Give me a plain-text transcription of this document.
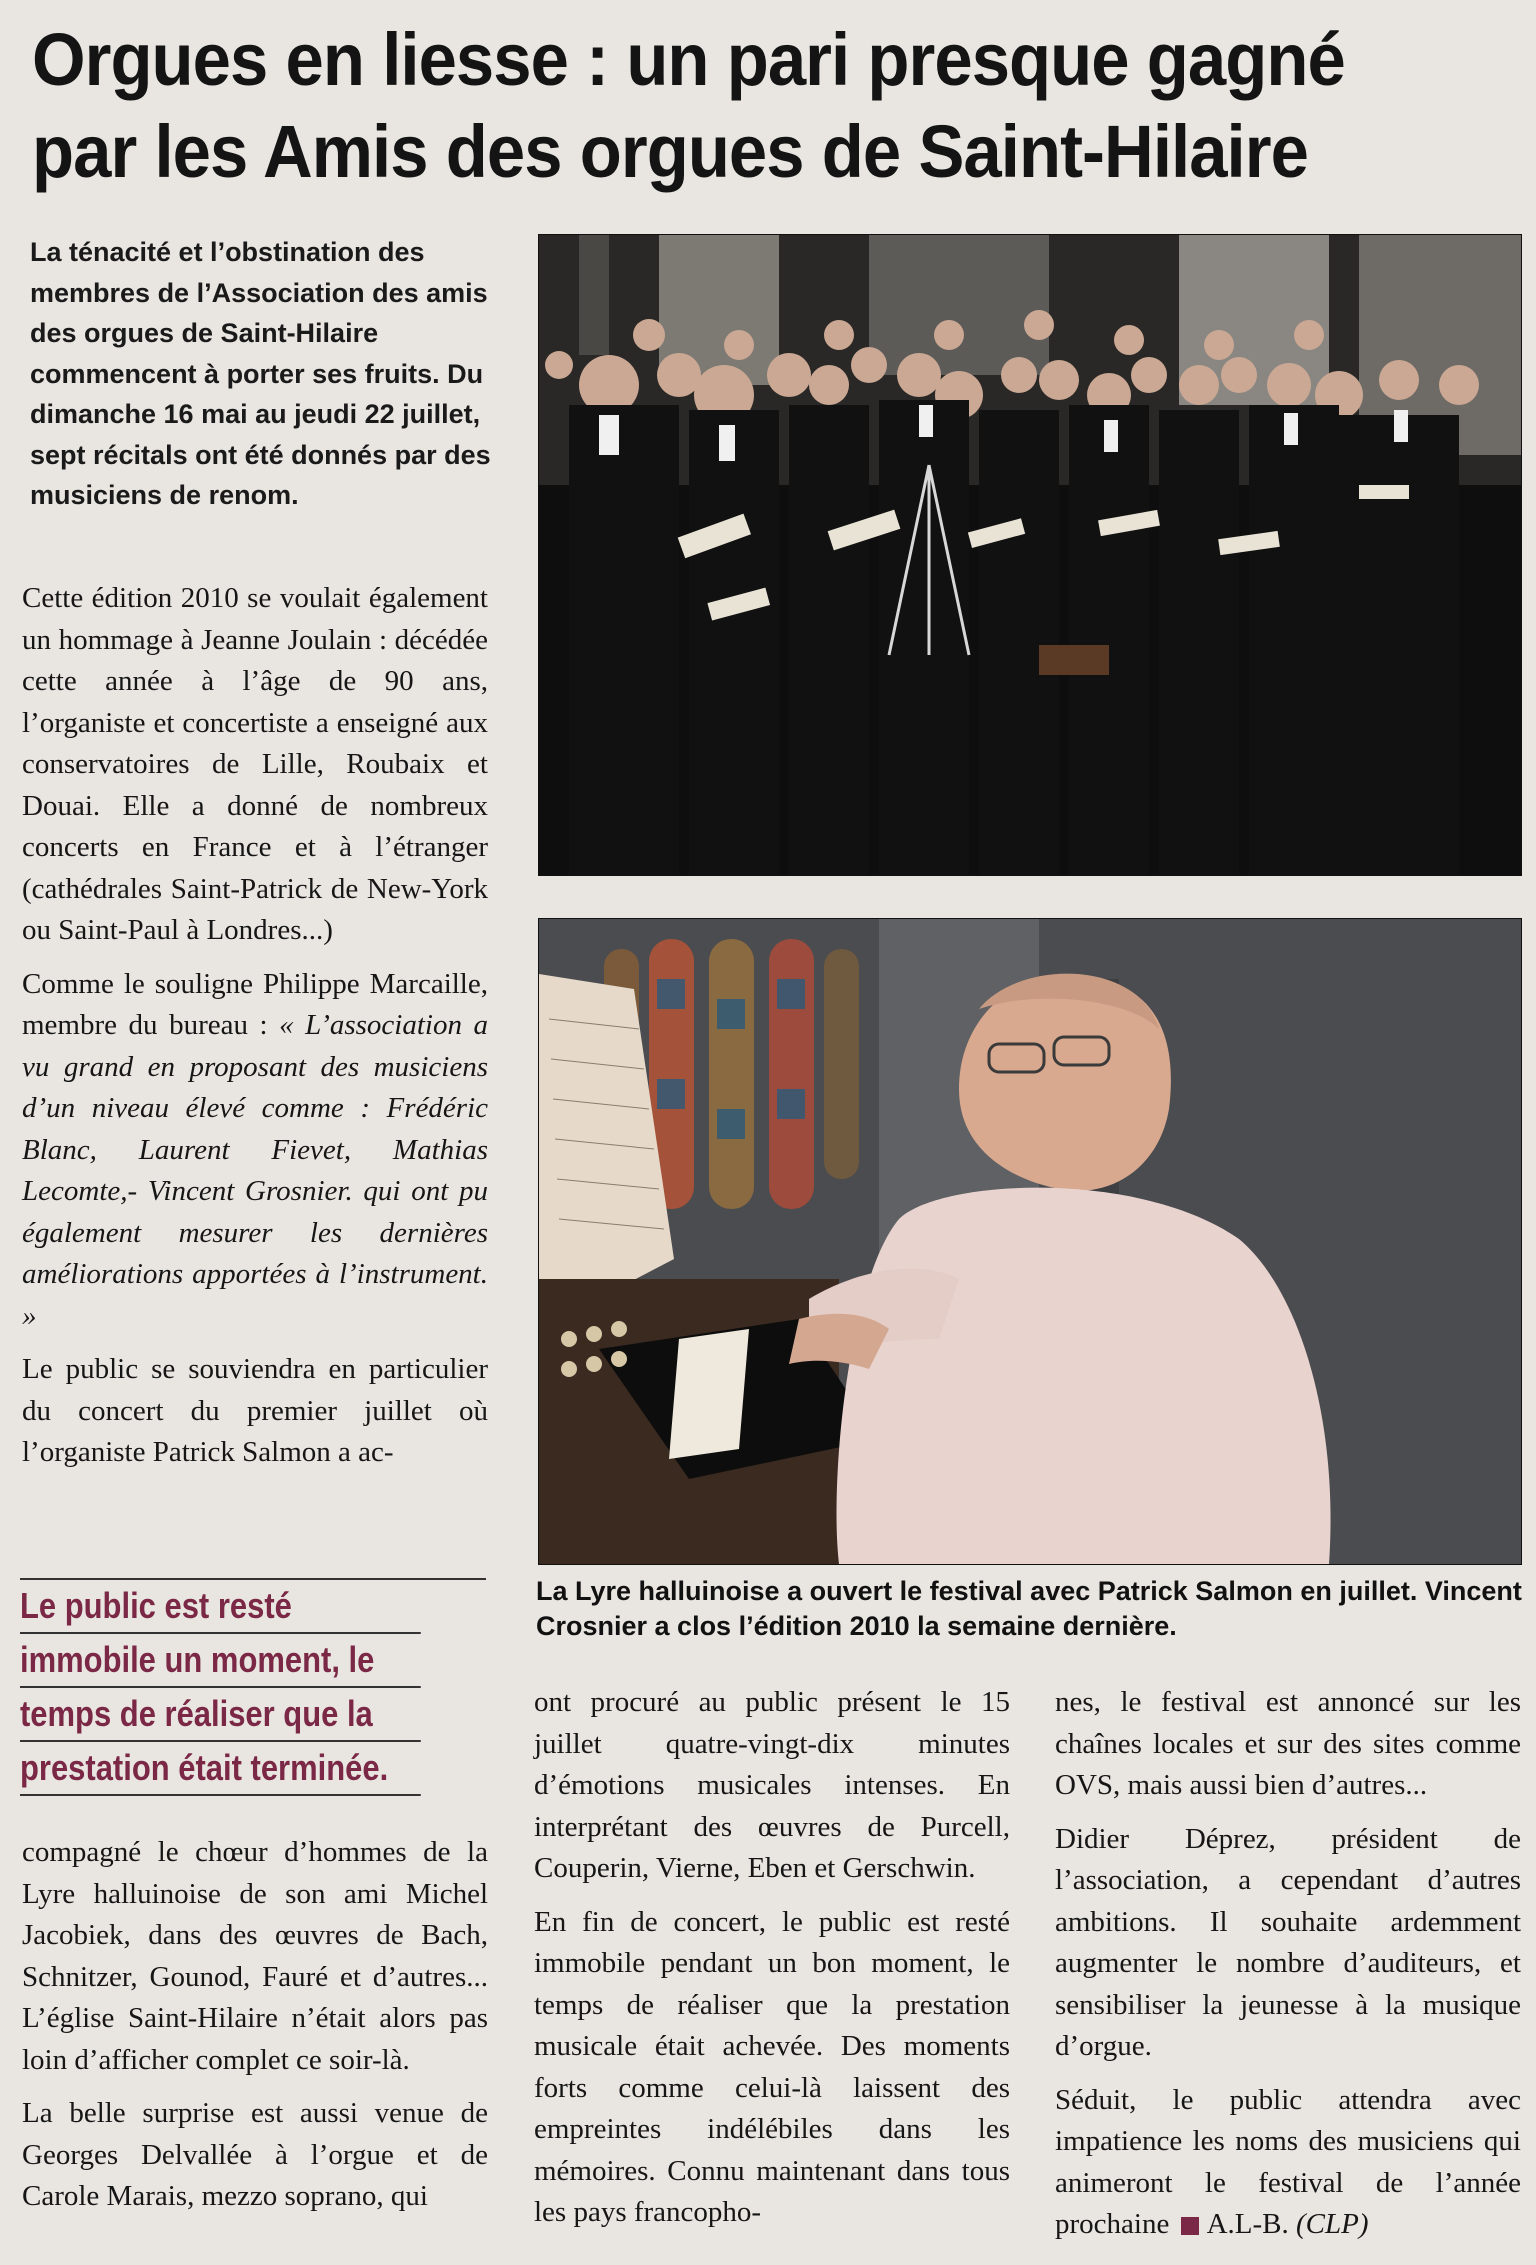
Orgues en liesse : un pari presque gagné
par les Amis des orgues de Saint-Hilaire

La ténacité et l’obstination des membres de l’Association des amis des orgues de Saint-Hilaire commencent à porter ses fruits. Du dimanche 16 mai au jeudi 22 juillet, sept récitals ont été donnés par des musiciens de renom.

La Lyre halluinoise a ouvert le festival avec Patrick Salmon en juillet. Vincent Crosnier a clos l’édition 2010 la semaine dernière.

Cette édition 2010 se voulait également un hommage à Jeanne Joulain : décédée cette année à l’âge de 90 ans, l’organiste et concertiste a enseigné aux conservatoires de Lille, Roubaix et Douai. Elle a donné de nombreux concerts en France et à l’étranger (cathédrales Saint-Patrick de New-York ou Saint-Paul à Londres...)

Comme le souligne Philippe Marcaille, membre du bureau : « L’association a vu grand en proposant des musiciens d’un niveau élevé comme : Frédéric Blanc, Laurent Fievet, Mathias Lecomte,- Vincent Grosnier. qui ont pu également mesurer les dernières améliorations apportées à l’instrument. »

Le public se souviendra en particulier du concert du premier juillet où l’organiste Patrick Salmon a ac-

Le public est resté
immobile un moment, le
temps de réaliser que la
prestation était terminée.

compagné le chœur d’hommes de la Lyre halluinoise de son ami Michel Jacobiek, dans des œuvres de Bach, Schnitzer, Gounod, Fauré et d’autres... L’église Saint-Hilaire n’était alors pas loin d’afficher complet ce soir-là.

La belle surprise est aussi venue de Georges Delvallée à l’orgue et de Carole Marais, mezzo soprano, qui

ont procuré au public présent le 15 juillet quatre-vingt-dix minutes d’émotions musicales intenses. En interprétant des œuvres de Purcell, Couperin, Vierne, Eben et Gerschwin.

En fin de concert, le public est resté immobile pendant un bon moment, le temps de réaliser que la prestation musicale était achevée. Des moments forts comme celui-là laissent des empreintes indélébiles dans les mémoires. Connu maintenant dans tous les pays francopho-

nes, le festival est annoncé sur les chaînes locales et sur des sites comme OVS, mais aussi bien d’autres...

Didier Déprez, président de l’association, a cependant d’autres ambitions. Il souhaite ardemment augmenter le nombre d’auditeurs, et sensibiliser la jeunesse à la musique d’orgue.

Séduit, le public attendra avec impatience les noms des musiciens qui animeront le festival de l’année prochaine A.L-B. (CLP)
